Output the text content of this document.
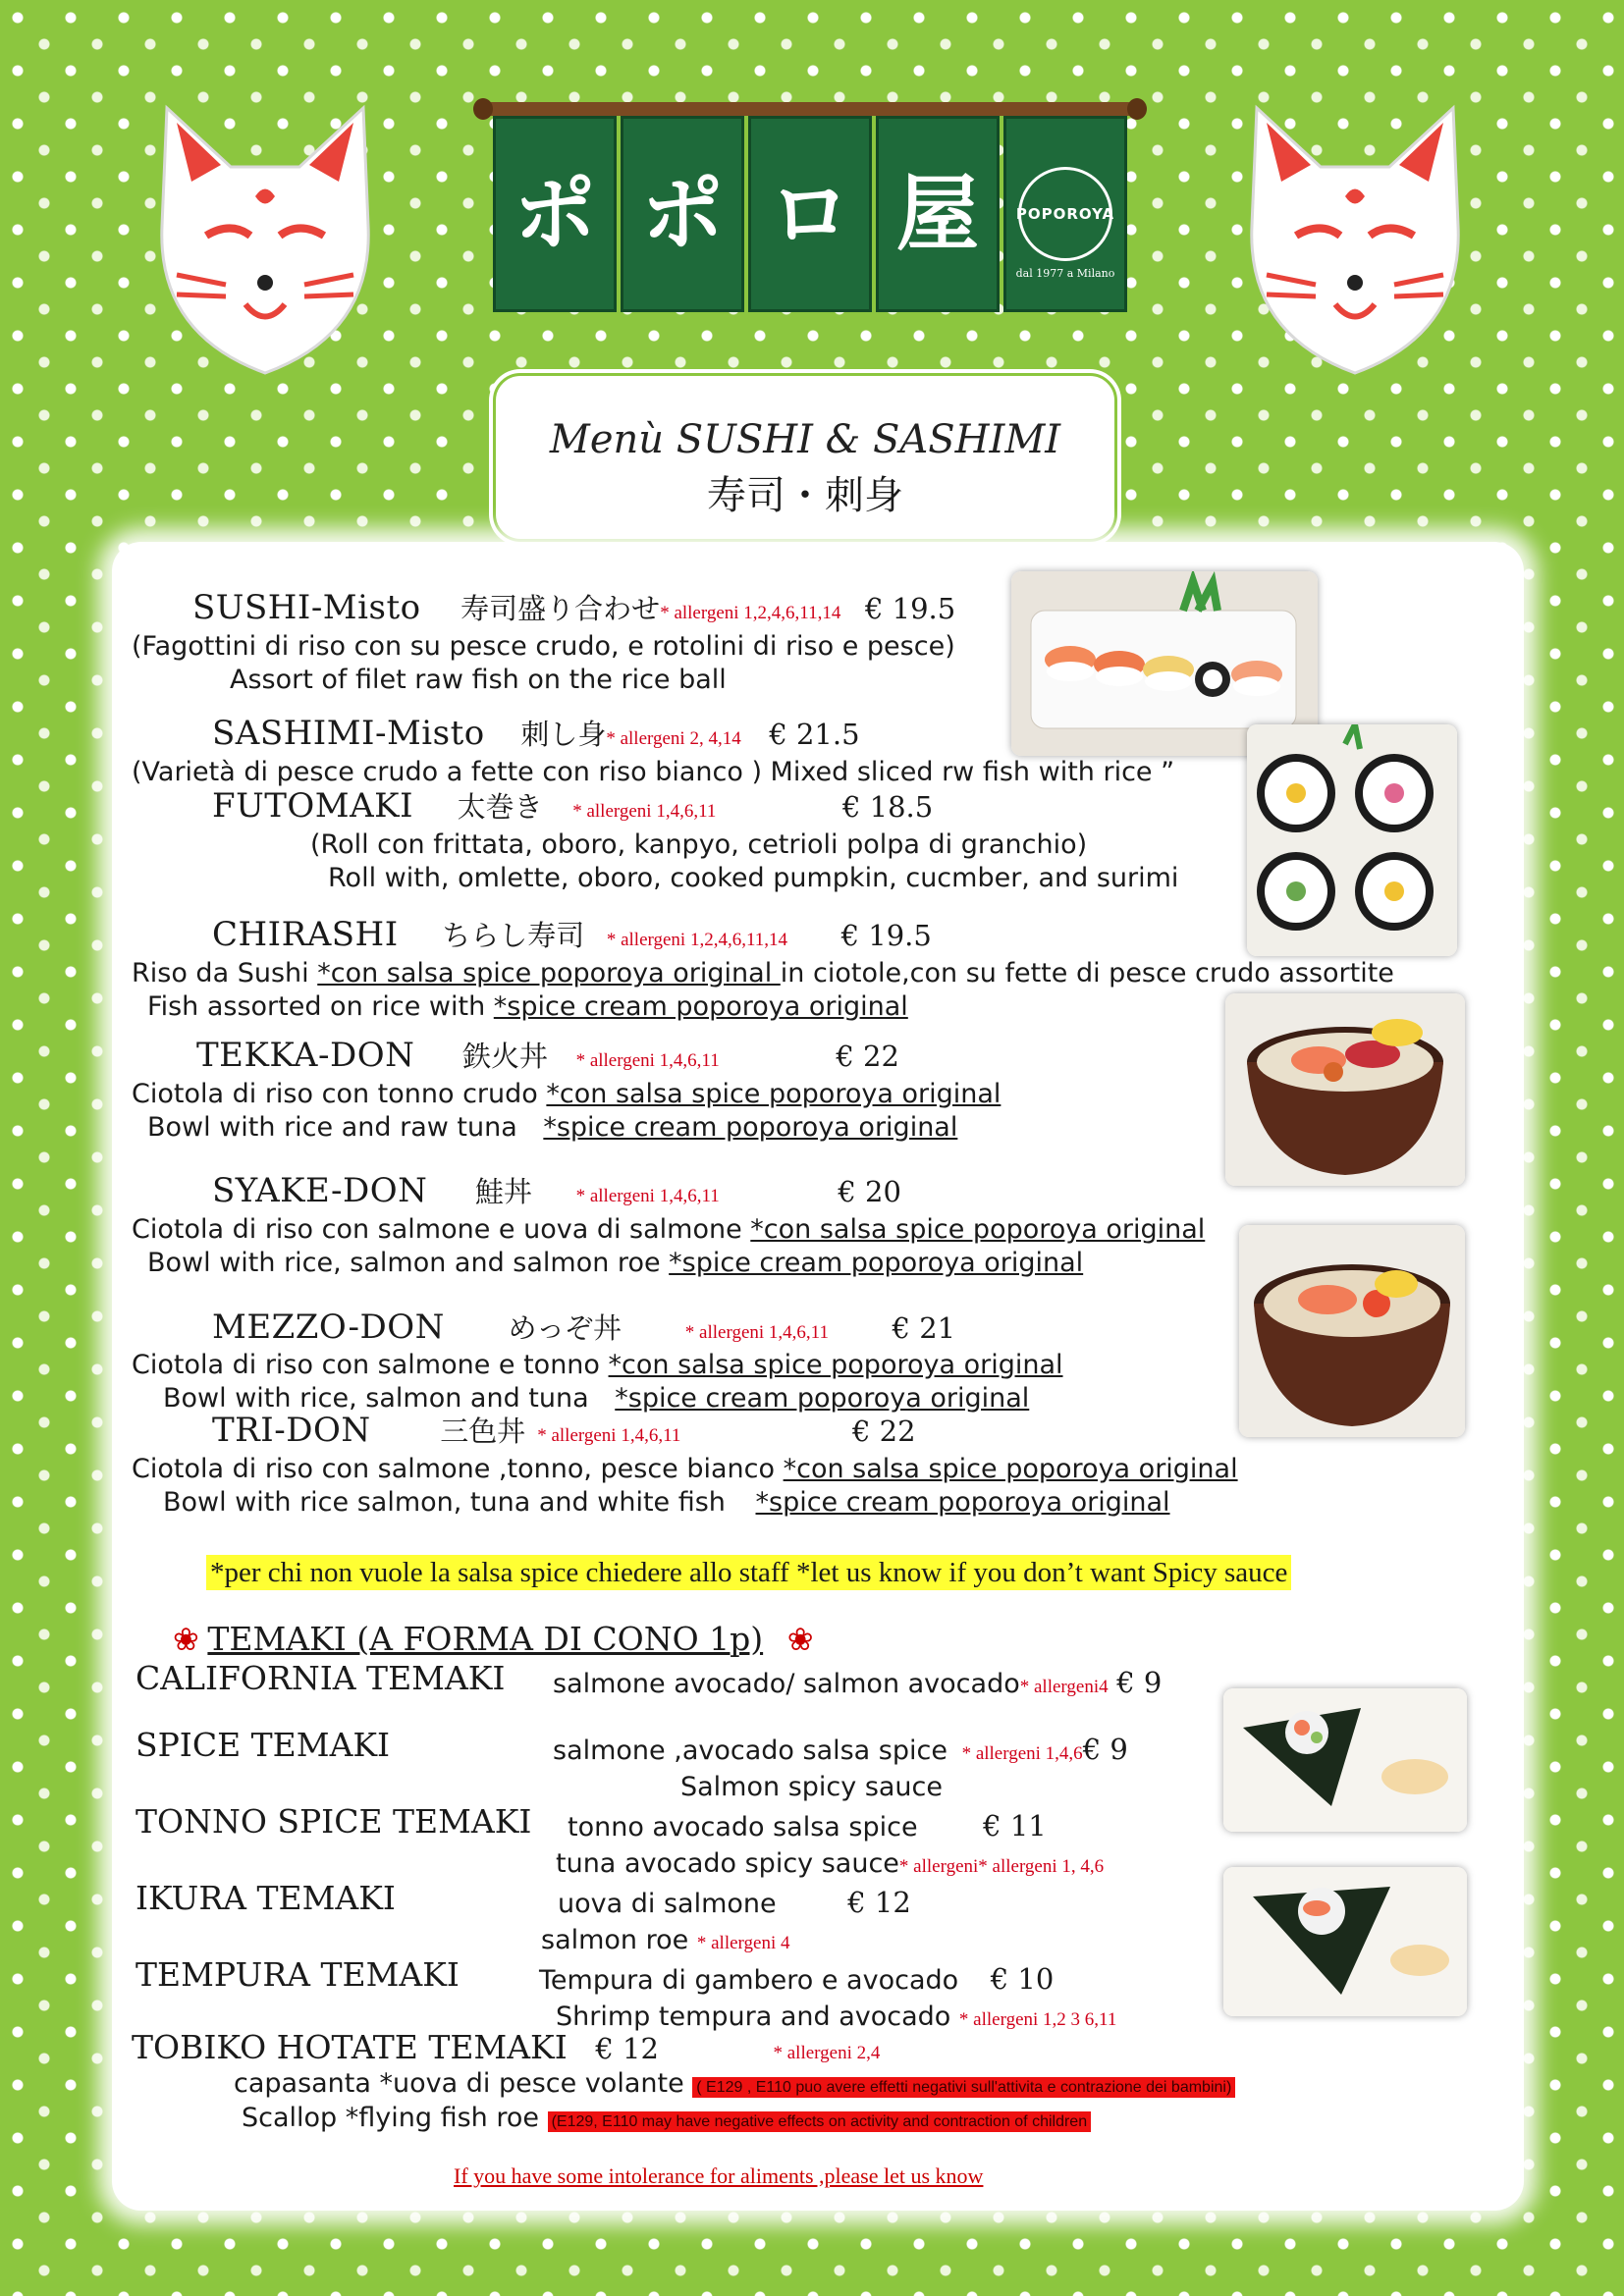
ポ ポ ロ 屋	POPOROYA
dal 1977 a Milano
Menù SUSHI & SASHIMI
寿司・刺身
SUSHI-Misto 寿司盛り合わせ* allergeni 1,2,4,6,11,14 € 19.5
(Fagottini di riso con su pesce crudo, e rotolini di riso e pesce)
Assort of filet raw fish on the rice ball
SASHIMI-Misto 刺し身* allergeni 2, 4,14 € 21.5
(Varietà di pesce crudo a fette con riso bianco ) Mixed sliced rw fish with rice ”
FUTOMAKI 太巻き * allergeni 1,4,6,11	€ 18.5
(Roll con frittata, oboro, kanpyo, cetrioli polpa di granchio)
Roll with, omlette, oboro, cooked pumpkin, cucmber, and surimi
CHIRASHI ちらし寿司 * allergeni 1,2,4,6,11,14 € 19.5
Riso da Sushi *con salsa spice poporoya original in ciotole,con su fette di pesce crudo assortite
Fish assorted on rice with *spice cream poporoya original
TEKKA-DON 鉄火丼 * allergeni 1,4,6,11	€ 22
Ciotola di riso con tonno crudo *con salsa spice poporoya original
Bowl with rice and raw tuna *spice cream poporoya original
SYAKE-DON 鮭丼 * allergeni 1,4,6,11	€ 20
Ciotola di riso con salmone e uova di salmone *con salsa spice poporoya original
Bowl with rice, salmon and salmon roe *spice cream poporoya original
MEZZO-DON めっぞ丼	* allergeni 1,4,6,11 € 21
Ciotola di riso con salmone e tonno *con salsa spice poporoya original
Bowl with rice, salmon and tuna *spice cream poporoya original
TRI-DON 三色丼 * allergeni 1,4,6,11	€ 22
Ciotola di riso con salmone ,tonno, pesce bianco *con salsa spice poporoya original
Bowl with rice salmon, tuna and white fish *spice cream poporoya original
*per chi non vuole la salsa spice chiedere allo staff *let us know if you don’t want Spicy sauce
❀ TEMAKI (A FORMA DI CONO 1p) ❀
CALIFORNIA TEMAKI salmone avocado/ salmon avocado* allergeni4 € 9
SPICE TEMAKI	salmone ,avocado salsa spice * allergeni 1,4,6€ 9
Salmon spicy sauce
TONNO SPICE TEMAKI tonno avocado salsa spice € 11
tuna avocado spicy sauce* allergeni* allergeni 1, 4,6
IKURA TEMAKI	uova di salmone	€ 12
salmon roe * allergeni 4
TEMPURA TEMAKI	Tempura di gambero e avocado € 10
Shrimp tempura and avocado * allergeni 1,2 3 6,11
TOBIKO HOTATE TEMAKI € 12	* allergeni 2,4
capasanta *uova di pesce volante ( E129 , E110 puo avere effetti negativi sull'attivita e contrazione dei bambini)
Scallop *flying fish roe (E129, E110 may have negative effects on activity and contraction of children
If you have some intolerance for aliments ,please let us know
